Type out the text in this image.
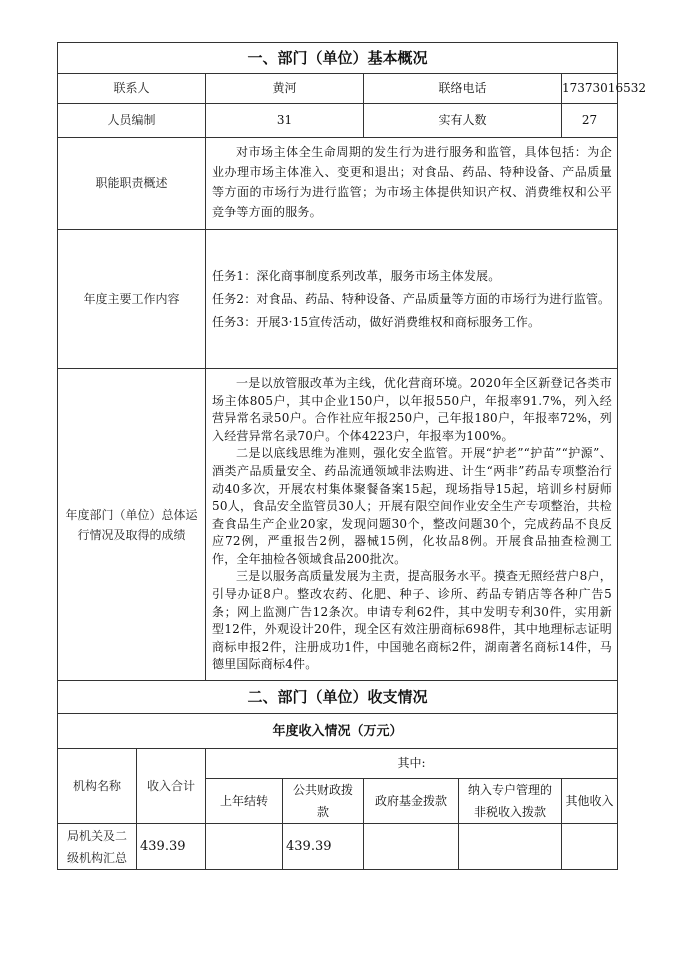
一、部门（单位）基本概况						
联系人		黄河		联络电话		17373016532
人员编制		31		实有人数		27
职能职责概述		对市场主体全生命周期的发生行为进行服务和监管，具体包括：为企业办理市场主体准入、变更和退出；对食品、药品、特种设备、产品质量等方面的市场行为进行监管；为市场主体提供知识产权、消费维权和公平竞争等方面的服务。				

年度主要工作内容		任务1：深化商事制度系列改革，服务市场主体发展。
任务2：对食品、药品、特种设备、产品质量等方面的市场行为进行监管。
任务3：开展3·15宣传活动，做好消费维权和商标服务工作。				

年度部门（单位）总体运行情况及取得的成绩		一是以放管服改革为主线，优化营商环境。2020年全区新登记各类市场主体805户，其中企业150户，以年报550户，年报率91.7%，列入经营异常名录50户。合作社应年报250户，己年报180户，年报率72%，列入经营异常名录70户。个体4223户，年报率为100%。

二是以底线思维为准则，强化安全监管。开展“护老”“护苗”“护源”、酒类产品质量安全、药品流通领域非法购进、计生“两非”药品专项整治行动40多次，开展农村集体聚餐备案15起，现场指导15起，培训乡村厨师50人，食品安全监管员30人；开展有限空间作业安全生产专项整治，共检查食品生产企业20家，发现问题30个，整改问题30个，完成药品不良反应72例，严重报告2例，器械15例，化妆品8例。开展食品抽查检测工作，全年抽检各领域食品200批次。

三是以服务高质量发展为主责，提高服务水平。摸查无照经营户8户，引导办证8户。整改农药、化肥、种子、诊所、药品专销店等各种广告5条；网上监测广告12条次。申请专利62件，其中发明专利30件，实用新型12件，外观设计20件，现全区有效注册商标698件，其中地理标志证明商标申报2件，注册成功1件，中国驰名商标2件，湖南著名商标14件，马德里国际商标4件。				

二、部门（单位）收支情况						
年度收入情况（万元）						
机构名称	收入合计	其中:				
		上年结转	公共财政拨款	政府基金拨款	纳入专户管理的非税收入拨款	其他收入
局机关及二级机构汇总	439.39		439.39			
